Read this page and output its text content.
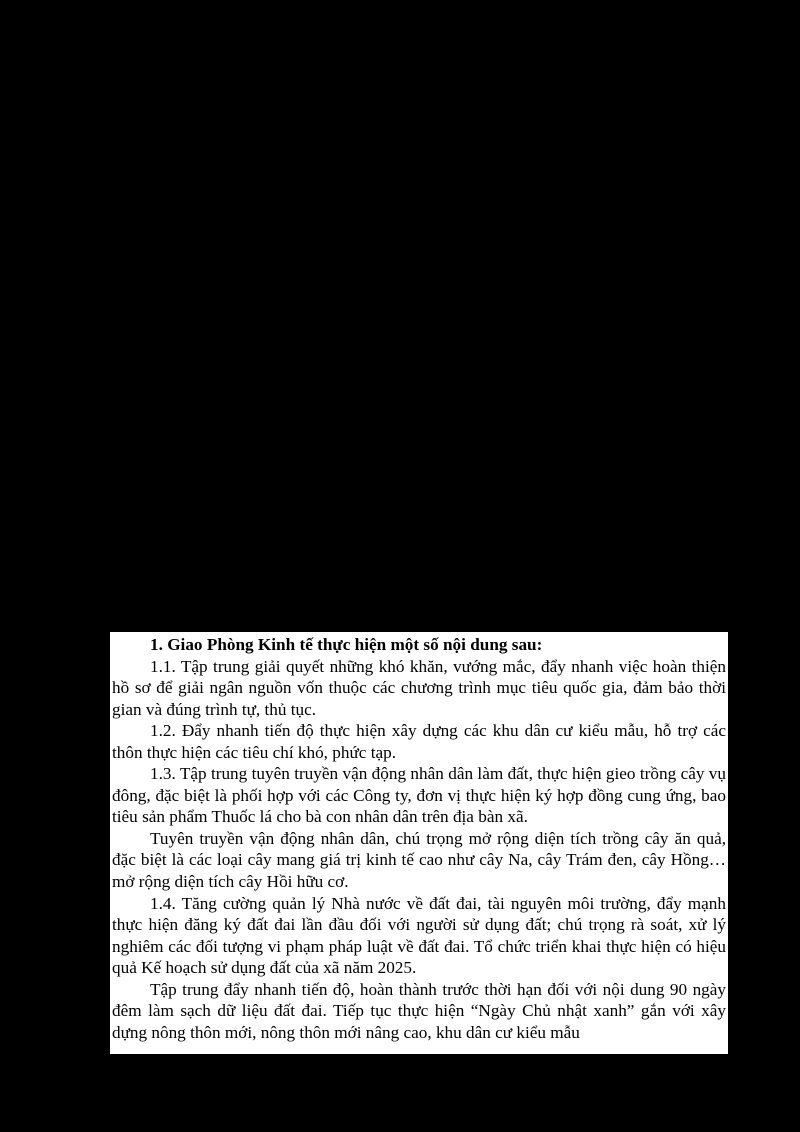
1. Giao Phòng Kinh tế thực hiện một số nội dung sau:

1.1. Tập trung giải quyết những khó khăn, vướng mắc, đẩy nhanh việc hoàn thiện hồ sơ để giải ngân nguồn vốn thuộc các chương trình mục tiêu quốc gia, đảm bảo thời gian và đúng trình tự, thủ tục.

1.2. Đẩy nhanh tiến độ thực hiện xây dựng các khu dân cư kiểu mẫu, hỗ trợ các thôn thực hiện các tiêu chí khó, phức tạp.

1.3. Tập trung tuyên truyền vận động nhân dân làm đất, thực hiện gieo trồng cây vụ đông, đặc biệt là phối hợp với các Công ty, đơn vị thực hiện ký hợp đồng cung ứng, bao tiêu sản phẩm Thuốc lá cho bà con nhân dân trên địa bàn xã.

Tuyên truyền vận động nhân dân, chú trọng mở rộng diện tích trồng cây ăn quả, đặc biệt là các loại cây mang giá trị kinh tế cao như cây Na, cây Trám đen, cây Hồng… mở rộng diện tích cây Hồi hữu cơ.

1.4. Tăng cường quản lý Nhà nước về đất đai, tài nguyên môi trường, đẩy mạnh thực hiện đăng ký đất đai lần đầu đối với người sử dụng đất; chú trọng rà soát, xử lý nghiêm các đối tượng vi phạm pháp luật về đất đai. Tổ chức triển khai thực hiện có hiệu quả Kế hoạch sử dụng đất của xã năm 2025.

Tập trung đẩy nhanh tiến độ, hoàn thành trước thời hạn đối với nội dung 90 ngày đêm làm sạch dữ liệu đất đai. Tiếp tục thực hiện “Ngày Chủ nhật xanh” gắn với xây dựng nông thôn mới, nông thôn mới nâng cao, khu dân cư kiểu mẫu
